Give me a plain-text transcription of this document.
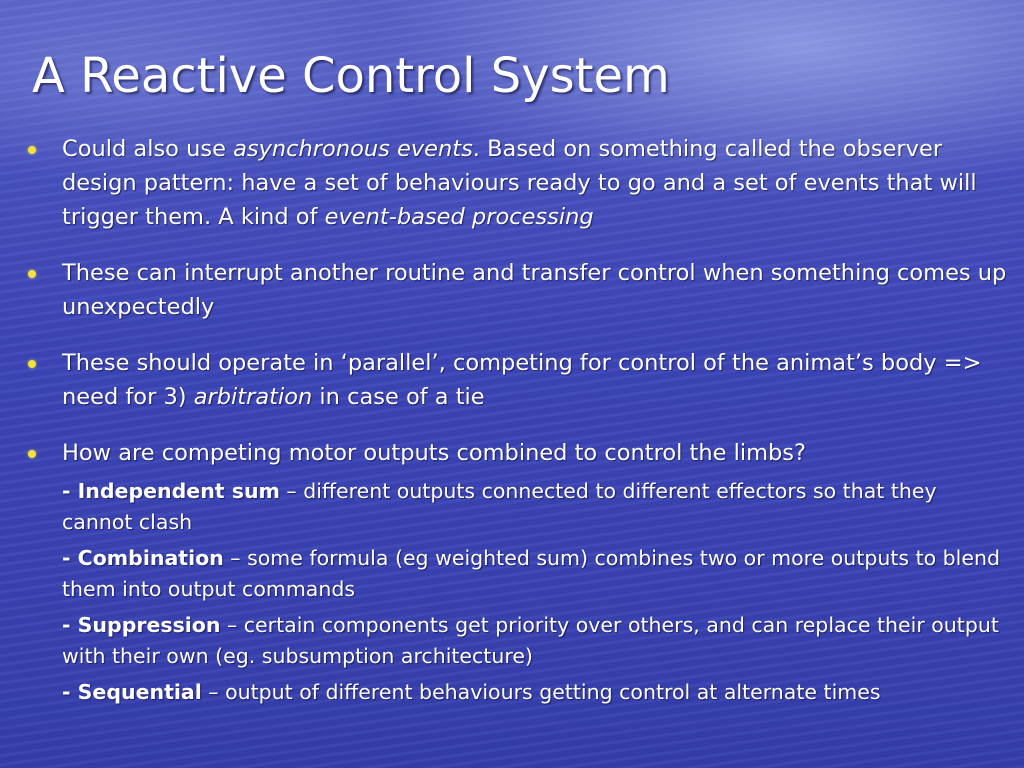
A Reactive Control System
Could also use asynchronous events. Based on something called the observer design pattern: have a set of behaviours ready to go and a set of events that will trigger them. A kind of event-based processing
These can interrupt another routine and transfer control when something comes up unexpectedly
These should operate in ‘parallel’, competing for control of the animat’s body => need for 3) arbitration in case of a tie
How are competing motor outputs combined to control the limbs?
- Independent sum – different outputs connected to different effectors so that they cannot clash
- Combination – some formula (eg weighted sum) combines two or more outputs to blend them into output commands
- Suppression – certain components get priority over others, and can replace their output with their own (eg. subsumption architecture)
- Sequential – output of different behaviours getting control at alternate times
